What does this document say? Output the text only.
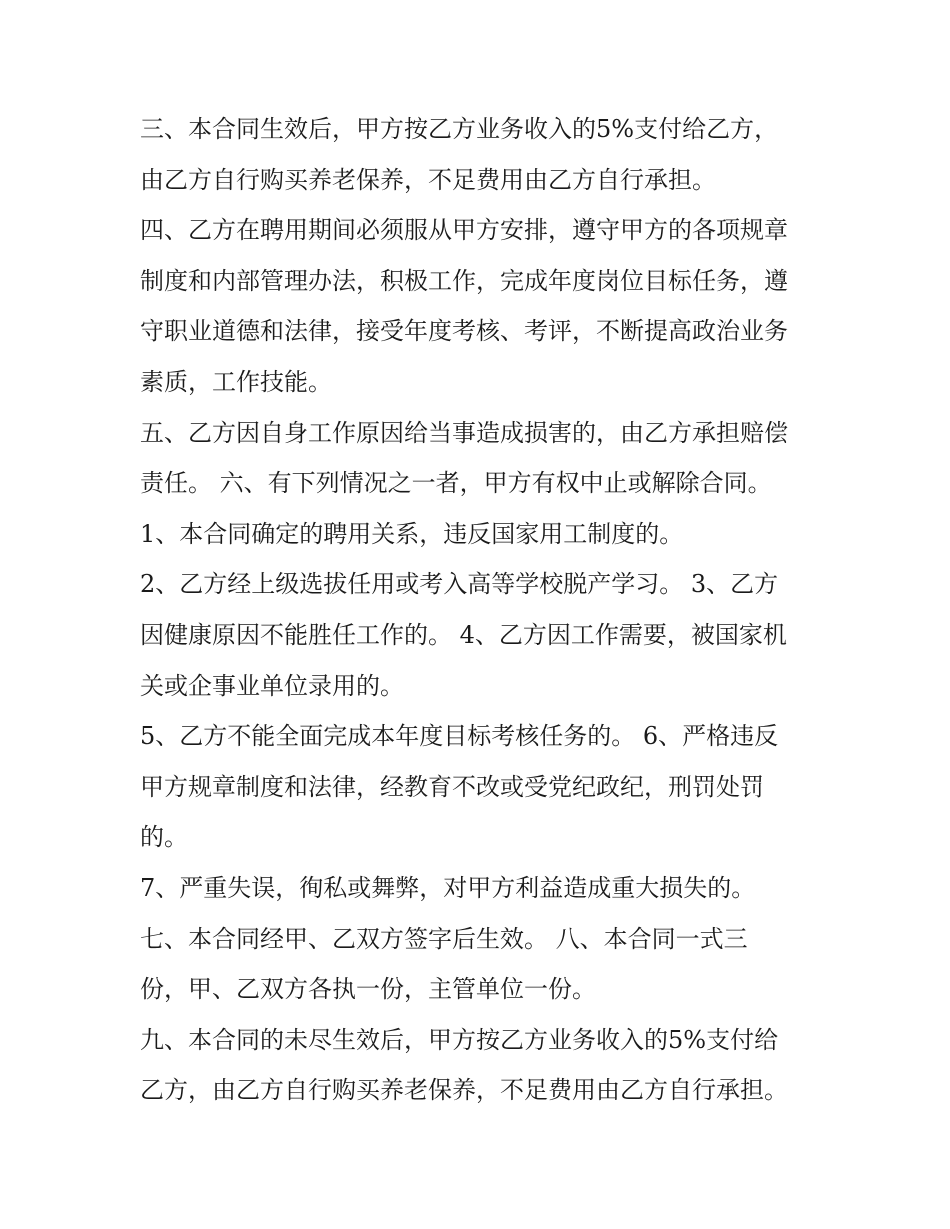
三、本合同生效后，甲方按乙方业务收入的5%支付给乙方，
由乙方自行购买养老保养，不足费用由乙方自行承担。
四、乙方在聘用期间必须服从甲方安排，遵守甲方的各项规章
制度和内部管理办法，积极工作，完成年度岗位目标任务，遵
守职业道德和法律，接受年度考核、考评，不断提高政治业务
素质，工作技能。
五、乙方因自身工作原因给当事造成损害的，由乙方承担赔偿
责任。 六、有下列情况之一者，甲方有权中止或解除合同。
1、本合同确定的聘用关系，违反国家用工制度的。
2、乙方经上级选拔任用或考入高等学校脱产学习。 3、乙方
因健康原因不能胜任工作的。 4、乙方因工作需要，被国家机
关或企事业单位录用的。
5、乙方不能全面完成本年度目标考核任务的。 6、严格违反
甲方规章制度和法律，经教育不改或受党纪政纪，刑罚处罚
的。
7、严重失误，徇私或舞弊，对甲方利益造成重大损失的。
七、本合同经甲、乙双方签字后生效。 八、本合同一式三
份，甲、乙双方各执一份，主管单位一份。
九、本合同的未尽生效后，甲方按乙方业务收入的5%支付给
乙方，由乙方自行购买养老保养，不足费用由乙方自行承担。
